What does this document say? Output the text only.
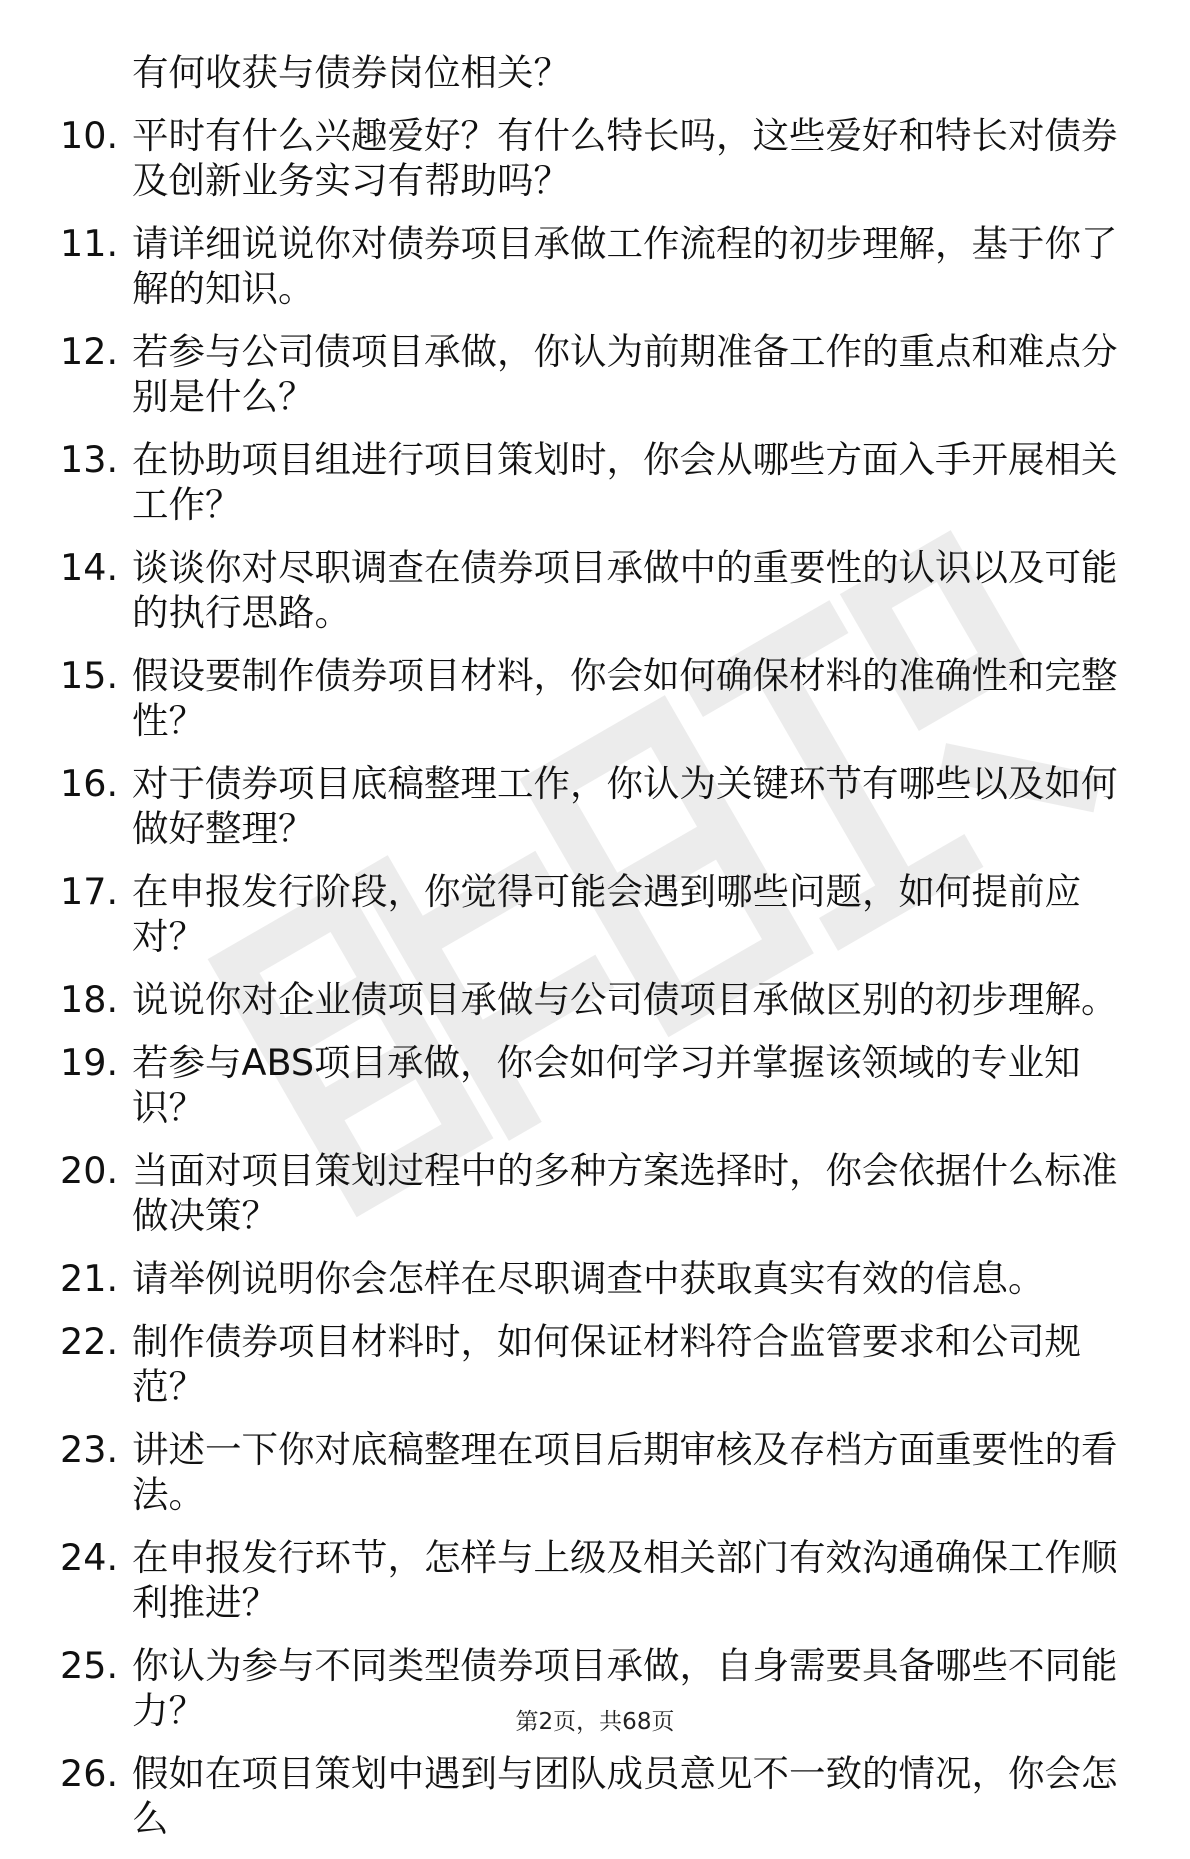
有何收获与债券岗位相关？
10. 平时有什么兴趣爱好？有什么特长吗，这些爱好和特长对债券及创新业务实习有帮助吗？
11. 请详细说说你对债券项目承做工作流程的初步理解，基于你了解的知识。
12. 若参与公司债项目承做，你认为前期准备工作的重点和难点分别是什么？
13. 在协助项目组进行项目策划时，你会从哪些方面入手开展相关工作？
14. 谈谈你对尽职调查在债券项目承做中的重要性的认识以及可能的执行思路。
15. 假设要制作债券项目材料，你会如何确保材料的准确性和完整性？
16. 对于债券项目底稿整理工作，你认为关键环节有哪些以及如何做好整理？
17. 在申报发行阶段，你觉得可能会遇到哪些问题，如何提前应对？
18. 说说你对企业债项目承做与公司债项目承做区别的初步理解。
19. 若参与ABS项目承做，你会如何学习并掌握该领域的专业知识？
20. 当面对项目策划过程中的多种方案选择时，你会依据什么标准做决策？
21. 请举例说明你会怎样在尽职调查中获取真实有效的信息。
22. 制作债券项目材料时，如何保证材料符合监管要求和公司规范？
23. 讲述一下你对底稿整理在项目后期审核及存档方面重要性的看法。
24. 在申报发行环节，怎样与上级及相关部门有效沟通确保工作顺利推进？
25. 你认为参与不同类型债券项目承做，自身需要具备哪些不同能力？
26. 假如在项目策划中遇到与团队成员意见不一致的情况，你会怎么
第2页，共68页
